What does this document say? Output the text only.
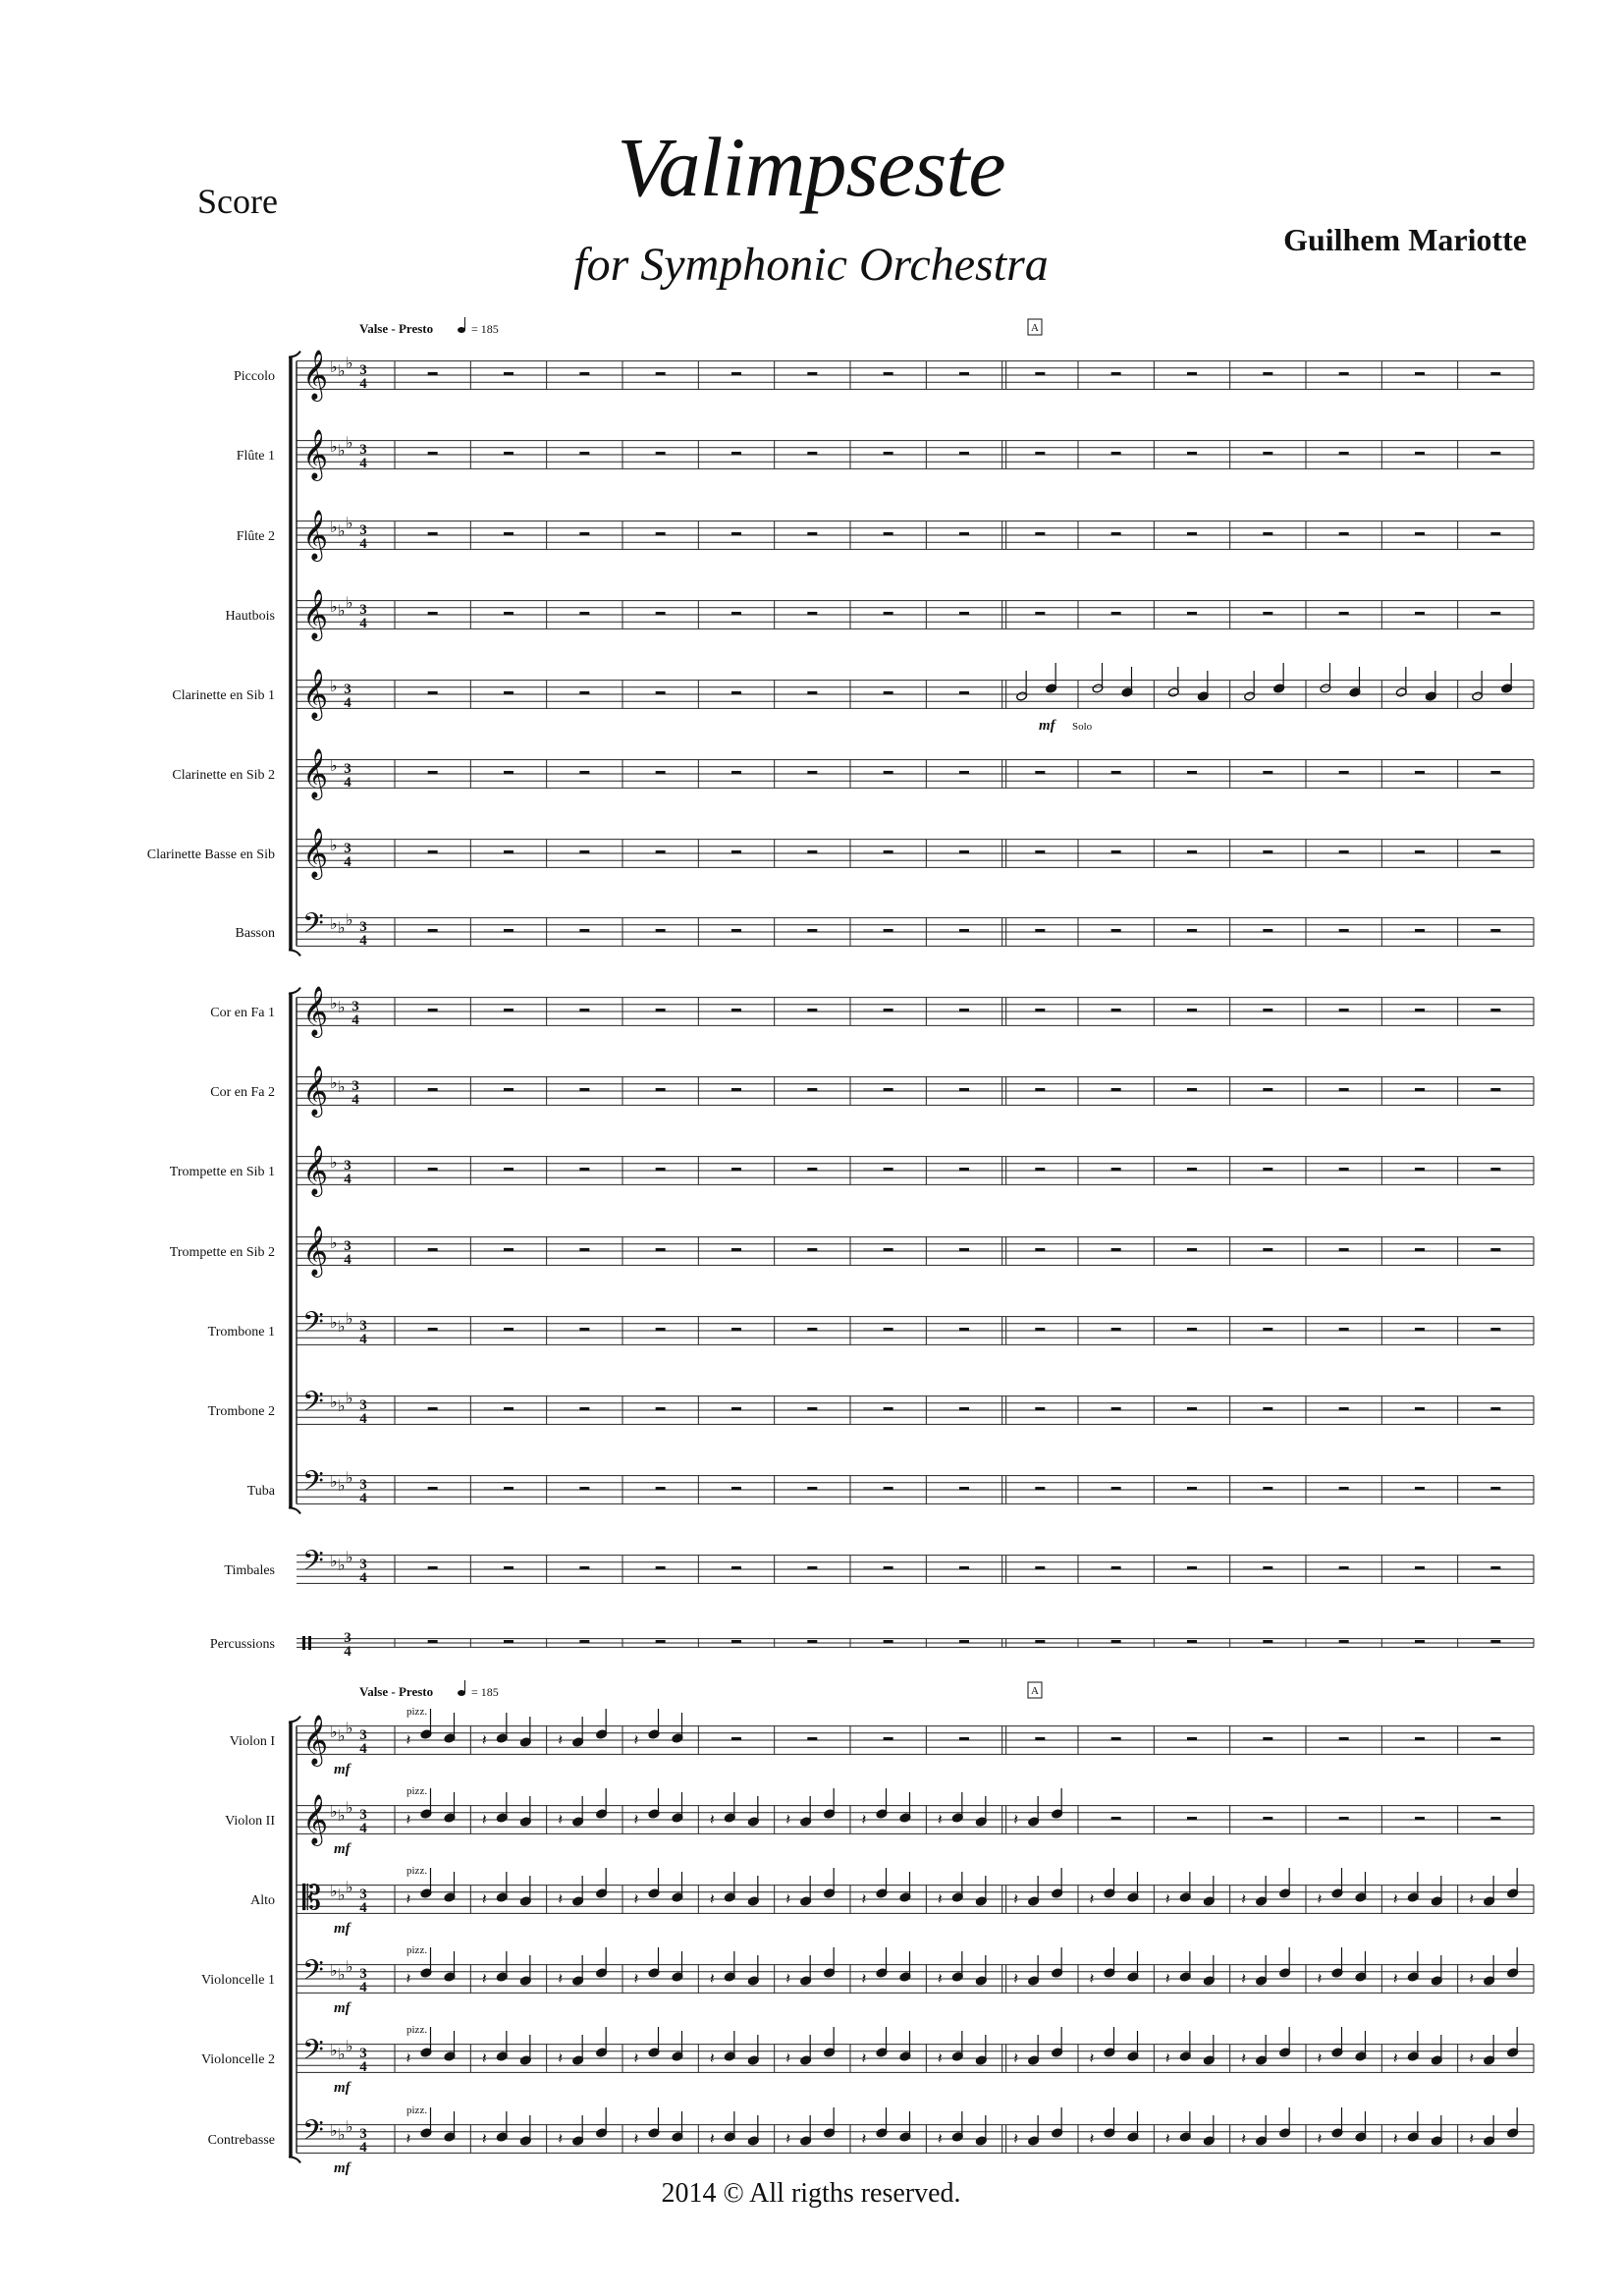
Score	Valimpseste
for Symphonic Orchestra	Guilhem Mariotte
Piccolo 𝄞 ♭ ♭ ♭ 3
4
Flûte 1 𝄞 ♭ ♭ ♭ 3
4
Flûte 2 𝄞 ♭ ♭ ♭ 3
4
Hautbois 𝄞 ♭ ♭ ♭ 3
4
Clarinette en Sib 1 𝄞 ♭ 3
4
mf Solo
Clarinette en Sib 2 𝄞 ♭ 3
4
Clarinette Basse en Sib 𝄞 ♭ 3
4
Basson 𝄢 ♭ ♭ ♭ 3
4
Cor en Fa 1 𝄞 ♭ ♭ 3
4
Cor en Fa 2 𝄞 ♭ ♭ 3
4
Trompette en Sib 1 𝄞 ♭ 3
4
Trompette en Sib 2 𝄞 ♭ 3
4
Trombone 1 𝄢 ♭ ♭ ♭ 3
4
Trombone 2 𝄢 ♭ ♭ ♭ 3
4
Tuba 𝄢 ♭ ♭ ♭ 3
4
Timbales 𝄢 ♭ ♭ ♭ 3
4
Percussions	3
4
Violon I 𝄞 ♭ ♭ ♭ 3
4 𝄽	𝄽	𝄽	𝄽
mf
pizz.
Violon II 𝄞 ♭ ♭ ♭ 3
4 𝄽	𝄽	𝄽	𝄽	𝄽	𝄽	𝄽	𝄽	𝄽
mf
pizz.
Alto 𝄡 ♭ ♭ ♭ 3
4 𝄽	𝄽	𝄽	𝄽	𝄽	𝄽	𝄽	𝄽	𝄽	𝄽	𝄽	𝄽	𝄽	𝄽	𝄽
mf
pizz.
Violoncelle 1 𝄢 ♭ ♭ ♭ 3
4 𝄽	𝄽	𝄽	𝄽	𝄽	𝄽	𝄽	𝄽	𝄽	𝄽	𝄽	𝄽	𝄽	𝄽	𝄽
mf
pizz.
Violoncelle 2 𝄢 ♭ ♭ ♭ 3
4 𝄽	𝄽	𝄽	𝄽	𝄽	𝄽	𝄽	𝄽	𝄽	𝄽	𝄽	𝄽	𝄽	𝄽	𝄽
mf
pizz.
Contrebasse 𝄢 ♭ ♭ ♭ 3
4 𝄽	𝄽	𝄽	𝄽	𝄽	𝄽	𝄽	𝄽	𝄽	𝄽	𝄽	𝄽	𝄽	𝄽	𝄽
mf
pizz.
Valse - Presto	= 185	A
Valse - Presto	= 185	A
2014 © All rigths reserved.
